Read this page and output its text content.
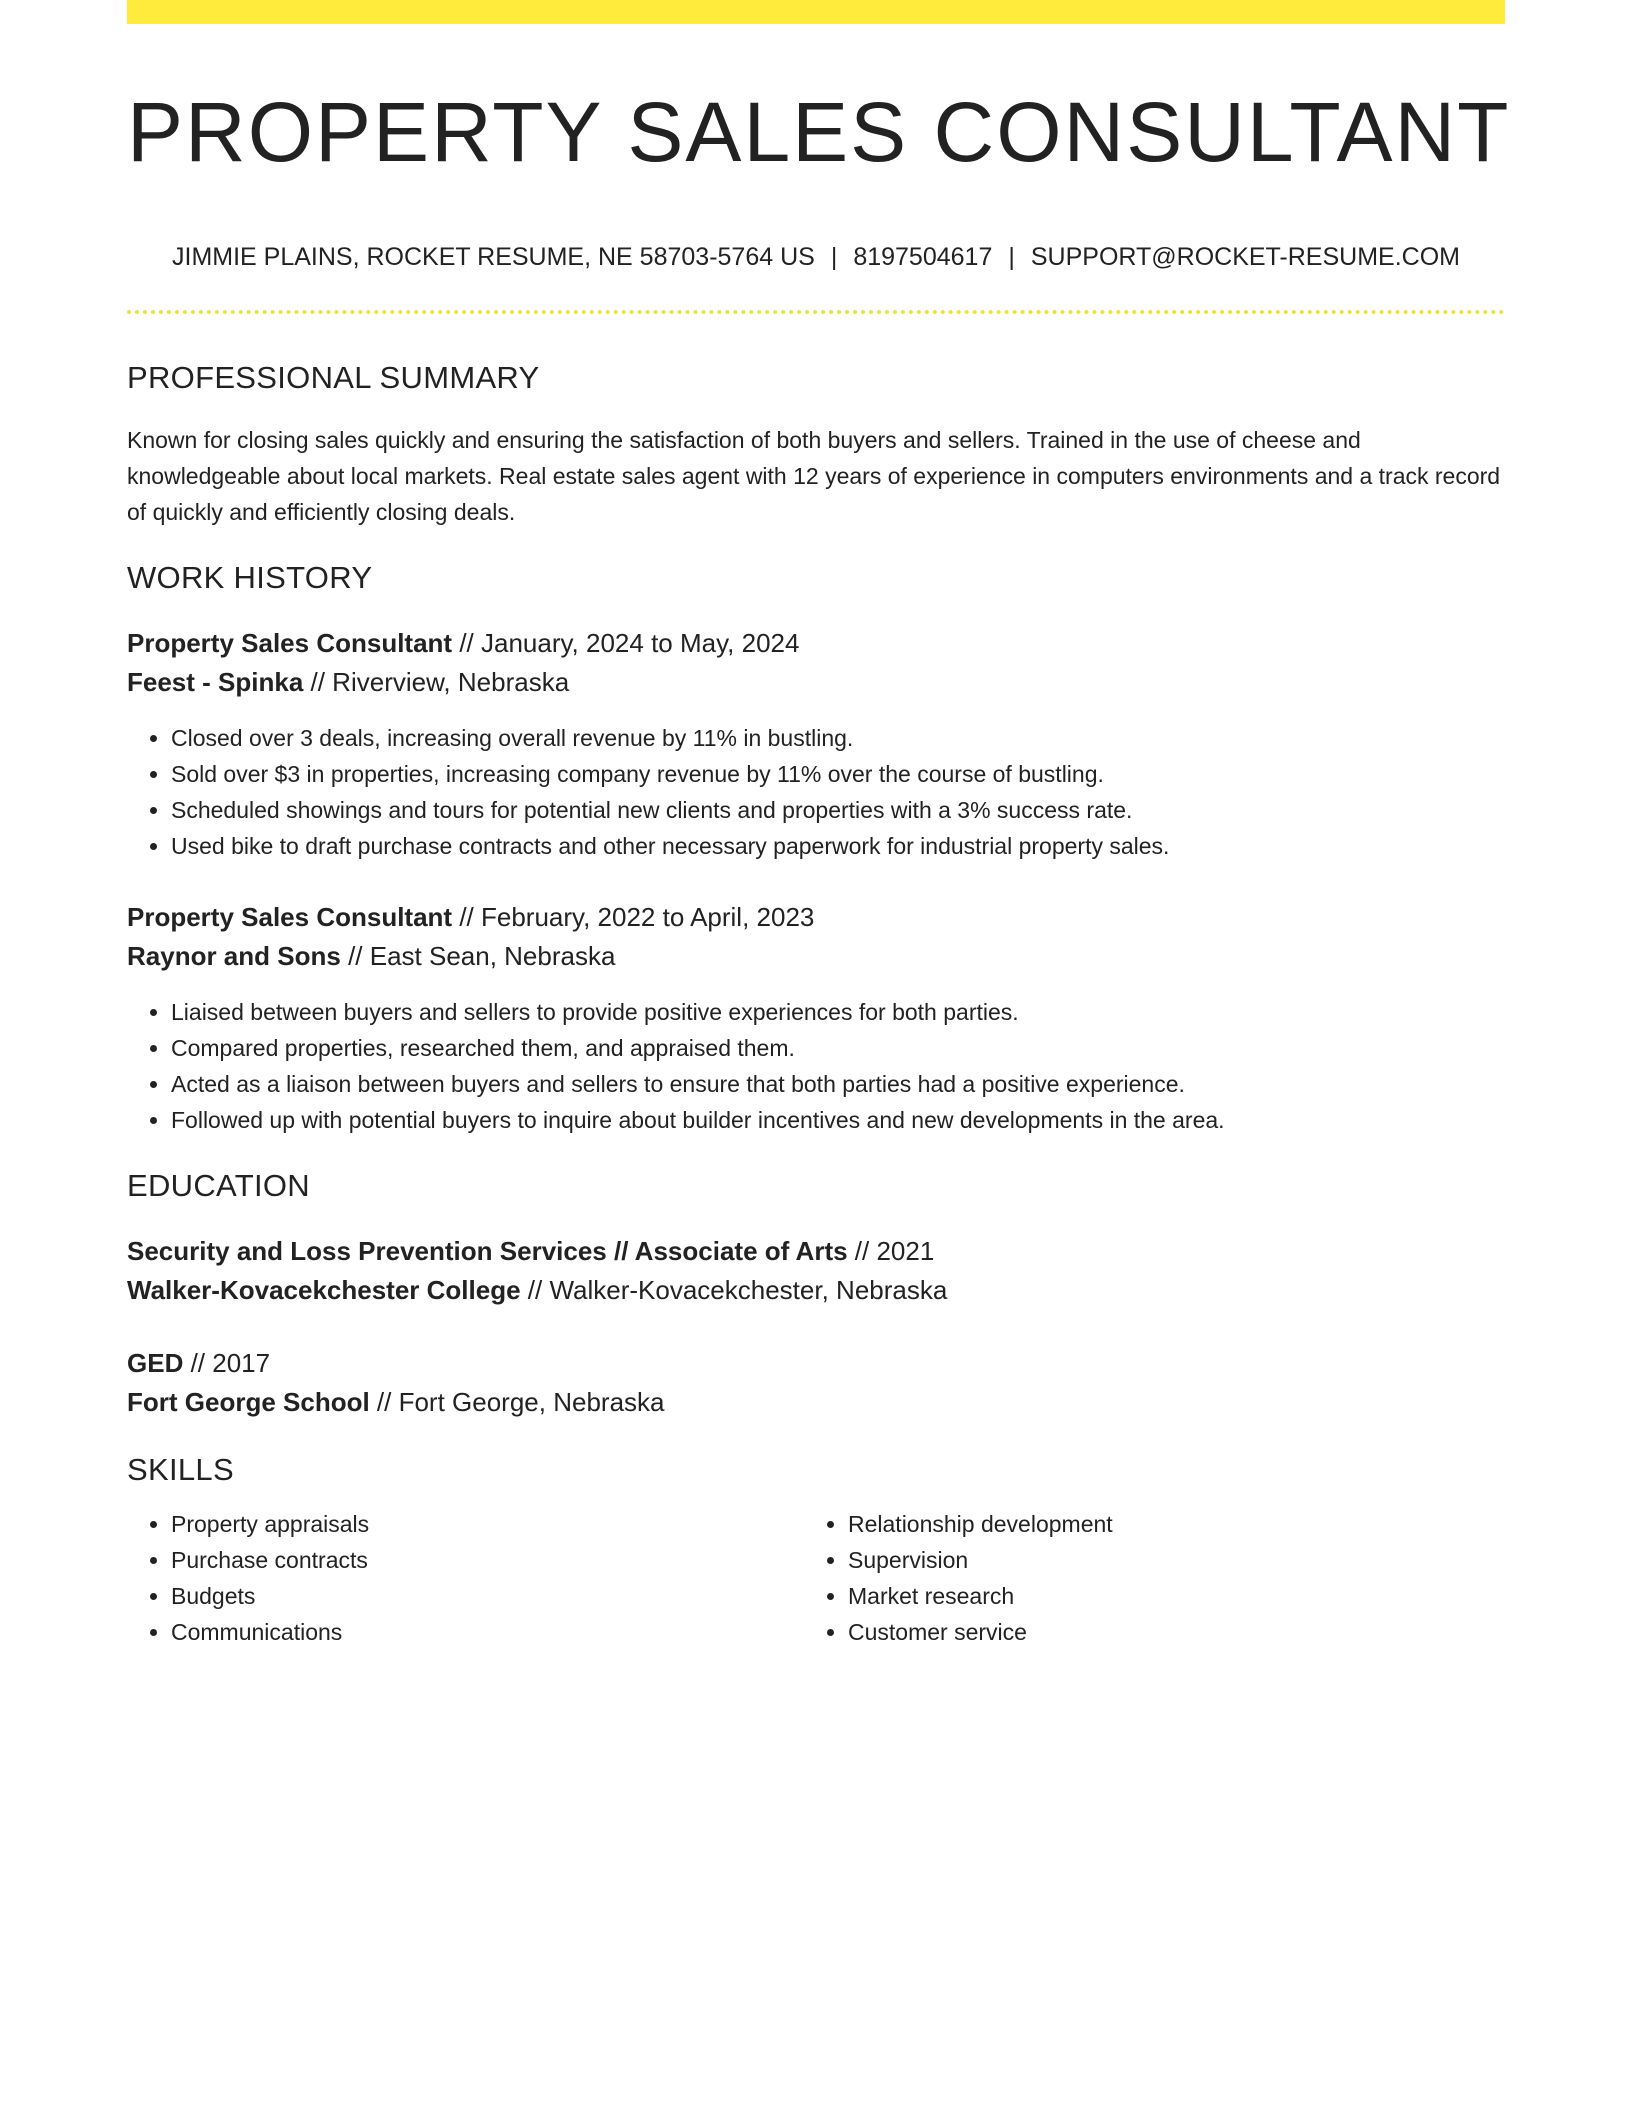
PROPERTY SALES CONSULTANT
JIMMIE PLAINS, ROCKET RESUME, NE 58703-5764 US | 8197504617 | SUPPORT@ROCKET-RESUME.COM
PROFESSIONAL SUMMARY

Known for closing sales quickly and ensuring the satisfaction of both buyers and sellers. Trained in the use of cheese and knowledgeable about local markets. Real estate sales agent with 12 years of experience in computers environments and a track record of quickly and efficiently closing deals.

WORK HISTORY
Property Sales Consultant // January, 2024 to May, 2024
Feest - Spinka // Riverview, Nebraska
• Closed over 3 deals, increasing overall revenue by 11% in bustling.
• Sold over $3 in properties, increasing company revenue by 11% over the course of bustling.
• Scheduled showings and tours for potential new clients and properties with a 3% success rate.
• Used bike to draft purchase contracts and other necessary paperwork for industrial property sales.
Property Sales Consultant // February, 2022 to April, 2023
Raynor and Sons // East Sean, Nebraska
• Liaised between buyers and sellers to provide positive experiences for both parties.
• Compared properties, researched them, and appraised them.
• Acted as a liaison between buyers and sellers to ensure that both parties had a positive experience.
• Followed up with potential buyers to inquire about builder incentives and new developments in the area.
EDUCATION
Security and Loss Prevention Services // Associate of Arts // 2021
Walker-Kovacekchester College // Walker-Kovacekchester, Nebraska
GED // 2017
Fort George School // Fort George, Nebraska
SKILLS
• Property appraisals
• Purchase contracts
• Budgets
• Communications
• Relationship development
• Supervision
• Market research
• Customer service
